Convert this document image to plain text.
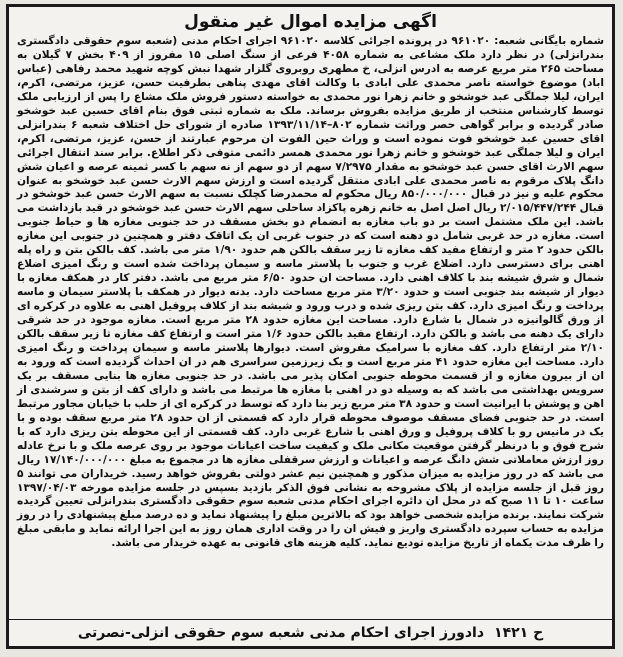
اگهی مزایده اموال غیر منقول
شماره بایگانی شعبه: ۹۶۱۰۲۰ در پرونده اجرائی کلاسه ۹۶۱۰۲۰ اجرای احکام مدنی (شعبه سوم حقوقی دادگستری بندرانزلی) در نظر دارد ملک مشاعی به شماره ۴۰۵۸ فرعی از سنگ اصلی ۱۵ مفروز از ۴۰۹ بخش ۷ گیلان به مساحت ۲۶۵ متر مربع عرصه به ادرس انزلی، خ مطهری روبروی گلزار شهدا نبش کوچه شهید محمد رفاهی (عباس اباد) موضوع خواسته ناصر محمدی علی ابادی با وکالت اقای مهدی پناهی بطرفیت حسن، عزیز، مرتضی، اکرم، ایران، لیلا جملگی عبد خوشخو و خانم زهرا نور محمدی به خواسته دستور فروش ملک مشاع را پس از ارزیابی ملک توسط کارشناس منتخب از طریق مزایده بفروش برساند. ملک به شماره ثبتی فوق بنام اقای حسین عبد خوشخو صادر گردیده و برابر گواهی حصر وراثت شماره ۸۰۲–۱۳۹۳/۱۱/۱۴ صادره از شورای حل اختلاف شعبه ۶ بندرانزلی اقای حسین عبد خوشخو فوت نموده است و وراث حین الفوت ان مرحوم عبارتند از حسن، عزیز، مرتضی، اکرم، ایران و لیلا جملگی عبد خوشخو و خانم زهرا نور محمدی همسر دائمی متوفی ذکر اطلاع. برابر سند انتقال اجرائی سهم الارث اقای حسن عبد خوشخو به مقدار ۷/۲۹۷۵ سهم از دو سهم از نه سهم با کسر ثمینه عرصه و اعیان شش دانگ پلاک مرقوم به ناصر محمدی علی ابادی منتقل گردیده است و ارزش سهم الارث حسن عبد خوشخو به عنوان محکوم علیه و نیز در قبال ۸۵۰/۰۰۰/۰۰۰ ریال محکوم له محمدرضا کچلک نسبت به سهم الارث حسن عبد خوشخو در قبال ۲/۰۱۵/۴۴۷/۲۴۴ ریال اصل اصل به خانم زهره پاکزاد ساحلی سهم الارث حسن عبد خوشخو در قید بازداشت می باشد. این ملک مشتمل است بر دو باب مغازه به انضمام دو بخش مسقف در حد جنوبی مغازه ها و حیاط جنوبی است. مغازه در حد غربی شامل دو دهنه است که در جنوب غربی ان یک اتاقک دفتر و همچنین در جنوبی این مغازه بالکن حدود ۲ متر و ارتفاع مفید کف مغازه تا زیر سقف بالکن هم حدود ۱/۹۰ متر می باشد. کف بالکن بتن و راه پله اهنی برای دسترسی دارد. اضلاع غرب و جنوب با پلاستر ماسه و سیمان پرداخت شده است و رنگ امیزی اضلاع شمال و شرق شیشه بند با کلاف اهنی دارد. مساحت ان حدود ۶/۵۰ متر مربع می باشد. دفتر کار در همکف مغازه با دیوار از شیشه بند جنوبی است و حدود ۳/۲۰ متر مربع مساحت دارد. بدنه دیوار در همکف با پلاستر سیمان و ماسه پرداخت و رنگ امیزی دارد. کف بتن ریزی شده و درب ورود و شیشه بند از کلاف پروفیل اهنی به علاوه در کرکره ای از ورق گالوانیزه در شمال با شارع دارد. مساحت این مغازه حدود ۲۸ متر مربع است. مغازه موجود در حد شرقی دارای یک دهنه می باشد و بالکن دارد. ارتفاع مفید بالکن حدود ۱/۶ متر است و ارتفاع کف مغازه تا زیر سقف بالکن ۲/۱۰ متر ارتفاع دارد. کف مغازه با سرامیک مفروش است. دیوارها پلاستر ماسه و سیمان پرداخت و رنگ امیزی دارد. مساحت این مغازه حدود ۴۱ متر مربع است و یک زیرزمین سراسری هم در ان احداث گردیده است که ورود به ان از بیرون مغازه و از قسمت محوطه جنوبی امکان پذیر می باشد. در حد جنوبی مغازه ها بنایی مسقف بر یک سرویس بهداشتی می باشد که به وسیله دو در اهنی با مغازه ها مرتبط می باشد و دارای کف از بتن و سرشندی از اهن و پوشش با ایرانیت است و حدود ۳۸ متر مربع زیر بنا دارد که توسط در کرکره ای از حلب با خیابان مجاور مرتبط است. در حد جنوبی فضای مسقف موصوف محوطه قرار دارد که قسمتی از ان حدود ۲۸ متر مربع سقف بوده و با یک در مانیس رو با کلاف پروفیل و ورق اهنی با شارع غربی دارد. کف قسمتی از این محوطه بتن ریزی دارد که با شرح فوق و با درنظر گرفتن موقعیت مکانی ملک و کیفیت ساخت اعیانات موجود بر روی عرصه ملک و با نرخ عادله روز ارزش معاملاتی شش دانگ عرصه و اعیانات و ارزش سرقفلی مغازه ها در مجموع به مبلغ ۱۷/۱۴۰/۰۰۰/۰۰۰ ریال می باشد که در روز مزایده به میزان مذکور و همچنین نیم عشر دولتی بفروش خواهد رسید. خریداران می توانند ۵ روز قبل از جلسه مزایده از پلاک مشروحه به نشانی فوق الذکر بازدید بسپس در جلسه مزایده مورخه ۱۳۹۷/۰۴/۰۳ ساعت ۱۰ تا ۱۱ صبح که در محل ان دائره اجرای احکام مدنی شعبه سوم حقوقی دادگستری بندرانزلی تعیین گردیده شرکت نمایند. برنده مزایده شخصی خواهد بود که بالاترین مبلغ را پیشنهاد نماید و ده درصد مبلغ پیشنهادی را در روز مزایده به حساب سپرده دادگستری واریز و فیش ان را در وقت اداری همان روز به این اجرا ارائه نماید و مابقی مبلغ را ظرف مدت یکماه از تاریخ مزایده تودیع نماید. کلیه هزینه های قانونی به عهده خریدار می باشد.
ح ۱۴۲۱
دادورز اجرای احکام مدنی شعبه سوم حقوقی انزلی-نصرتی
